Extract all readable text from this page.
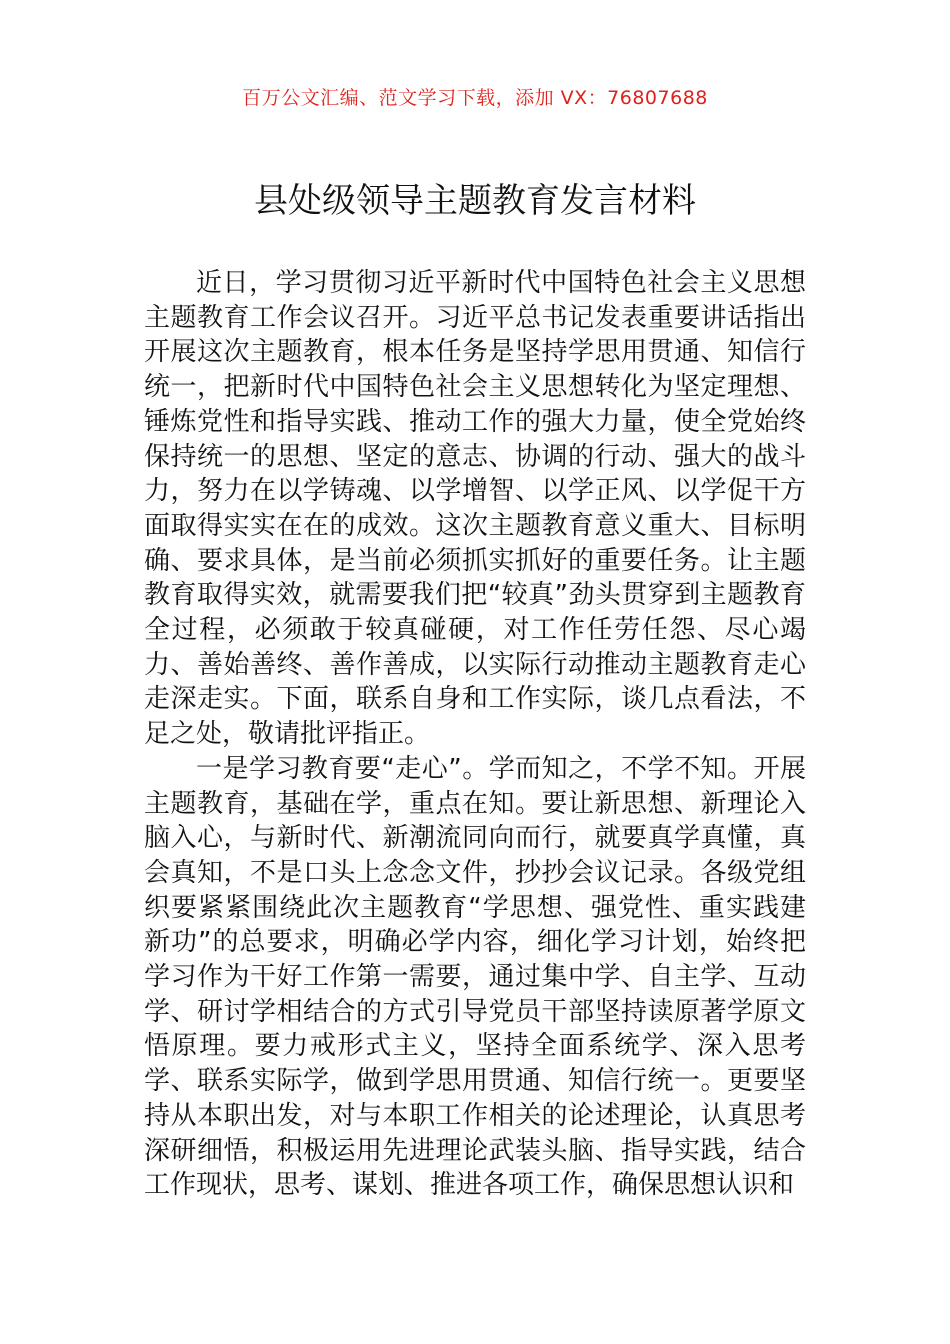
百万公文汇编、范文学习下载，添加 VX：76807688
县处级领导主题教育发言材料

近日，学习贯彻习近平新时代中国特色社会主义思想主题教育工作会议召开。习近平总书记发表重要讲话指出开展这次主题教育，根本任务是坚持学思用贯通、知信行统一，把新时代中国特色社会主义思想转化为坚定理想、锤炼党性和指导实践、推动工作的强大力量，使全党始终保持统一的思想、坚定的意志、协调的行动、强大的战斗力，努力在以学铸魂、以学增智、以学正风、以学促干方面取得实实在在的成效。这次主题教育意义重大、目标明确、要求具体，是当前必须抓实抓好的重要任务。让主题教育取得实效，就需要我们把“较真”劲头贯穿到主题教育全过程，必须敢于较真碰硬，对工作任劳任怨、尽心竭力、善始善终、善作善成，以实际行动推动主题教育走心走深走实。下面，联系自身和工作实际，谈几点看法，不足之处，敬请批评指正。

一是学习教育要“走心”。学而知之，不学不知。开展主题教育，基础在学，重点在知。要让新思想、新理论入脑入心，与新时代、新潮流同向而行，就要真学真懂，真会真知，不是口头上念念文件，抄抄会议记录。各级党组织要紧紧围绕此次主题教育“学思想、强党性、重实践建新功”的总要求，明确必学内容，细化学习计划，始终把学习作为干好工作第一需要，通过集中学、自主学、互动学、研讨学相结合的方式引导党员干部坚持读原著学原文悟原理。要力戒形式主义，坚持全面系统学、深入思考学、联系实际学，做到学思用贯通、知信行统一。更要坚持从本职出发，对与本职工作相关的论述理论，认真思考深研细悟，积极运用先进理论武装头脑、指导实践，结合工作现状，思考、谋划、推进各项工作，确保思想认识和
